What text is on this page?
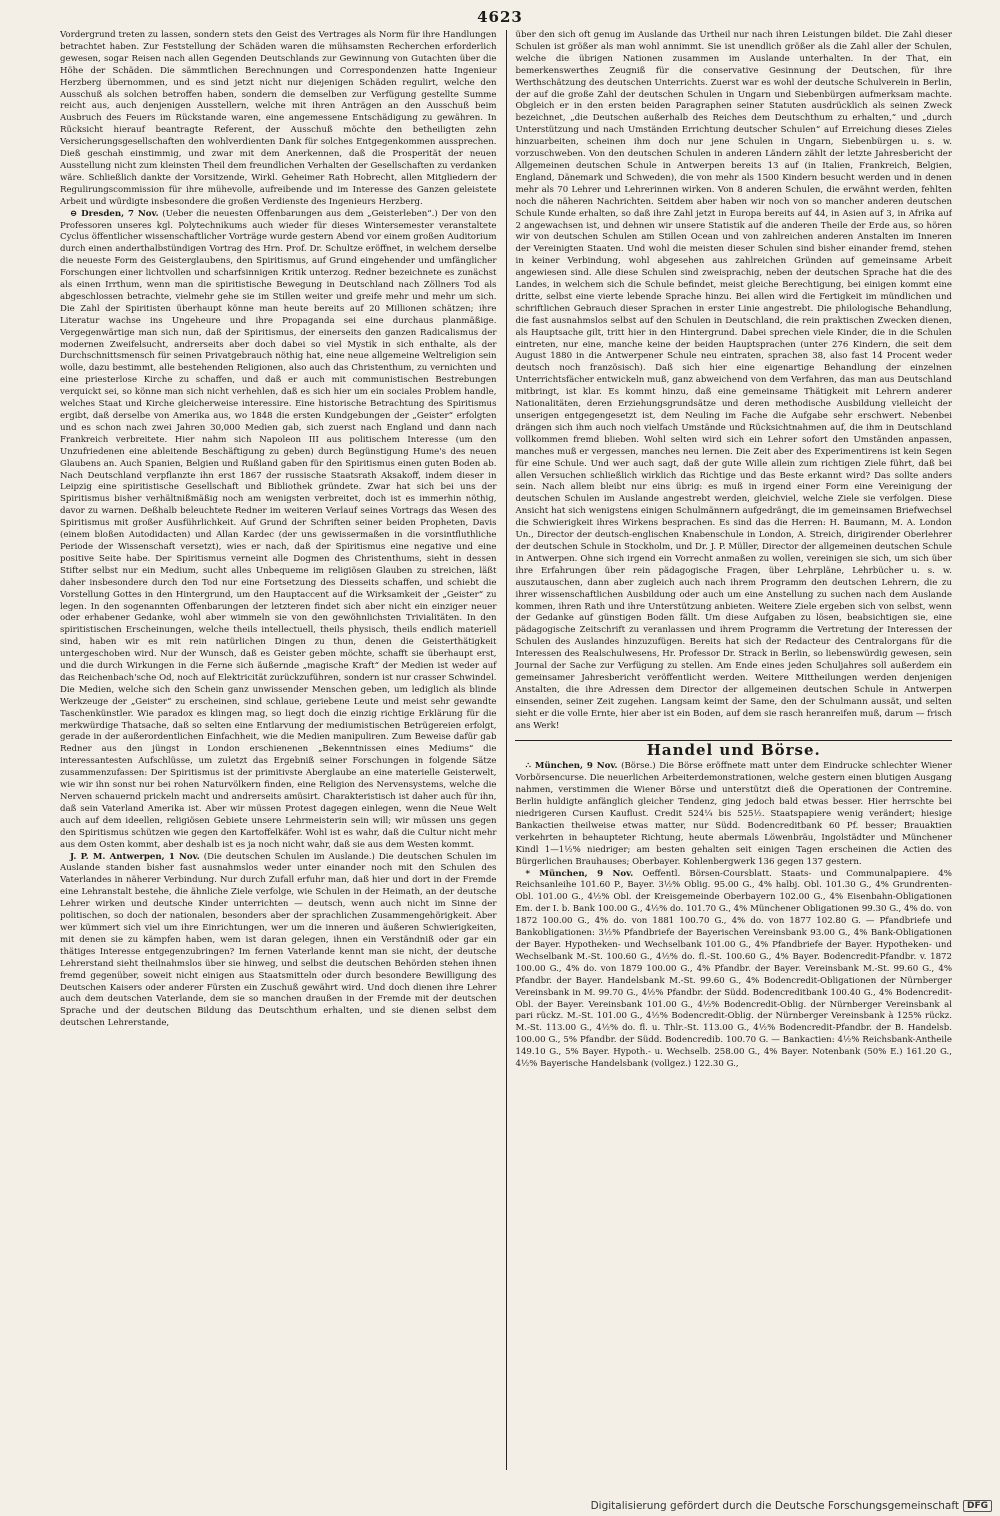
4623

Vordergrund treten zu lassen, sondern stets den Geist des Vertrages als Norm für ihre Handlungen betrachtet haben. Zur Feststellung der Schäden waren die mühsamsten Recherchen erforderlich gewesen, sogar Reisen nach allen Gegenden Deutschlands zur Gewinnung von Gutachten über die Höhe der Schäden. Die sämmtlichen Berechnungen und Correspondenzen hatte Ingenieur Herzberg übernommen, und es sind jetzt nicht nur diejenigen Schäden regulirt, welche den Ausschuß als solchen betroffen haben, sondern die demselben zur Verfügung gestellte Summe reicht aus, auch denjenigen Ausstellern, welche mit ihren Anträgen an den Ausschuß beim Ausbruch des Feuers im Rückstande waren, eine angemessene Entschädigung zu gewähren. In Rücksicht hierauf beantragte Referent, der Ausschuß möchte den betheiligten zehn Versicherungsgesellschaften den wohlverdienten Dank für solches Entgegenkommen aussprechen. Dieß geschah einstimmig, und zwar mit dem Anerkennen, daß die Prosperität der neuen Ausstellung nicht zum kleinsten Theil dem freundlichen Verhalten der Gesellschaften zu verdanken wäre. Schließlich dankte der Vorsitzende, Wirkl. Geheimer Rath Hobrecht, allen Mitgliedern der Regulirungscommission für ihre mühevolle, aufreibende und im Interesse des Ganzen geleistete Arbeit und würdigte insbesondere die großen Verdienste des Ingenieurs Herzberg.

⊖ Dresden, 7 Nov. (Ueber die neuesten Offenbarungen aus dem „Geisterleben“.) Der von den Professoren unseres kgl. Polytechnikums auch wieder für dieses Wintersemester veranstaltete Cyclus öffentlicher wissenschaftlicher Vorträge wurde gestern Abend vor einem großen Auditorium durch einen anderthalbstündigen Vortrag des Hrn. Prof. Dr. Schultze eröffnet, in welchem derselbe die neueste Form des Geisterglaubens, den Spiritismus, auf Grund eingehender und umfänglicher Forschungen einer lichtvollen und scharfsinnigen Kritik unterzog. Redner bezeichnete es zunächst als einen Irrthum, wenn man die spiritistische Bewegung in Deutschland nach Zöllners Tod als abgeschlossen betrachte, vielmehr gehe sie im Stillen weiter und greife mehr und mehr um sich. Die Zahl der Spiritisten überhaupt könne man heute bereits auf 20 Millionen schätzen; ihre Literatur wachse ins Ungeheure und ihre Propaganda sei eine durchaus planmäßige. Vergegenwärtige man sich nun, daß der Spiritismus, der einerseits den ganzen Radicalismus der modernen Zweifelsucht, andrerseits aber doch dabei so viel Mystik in sich enthalte, als der Durchschnittsmensch für seinen Privatgebrauch nöthig hat, eine neue allgemeine Weltreligion sein wolle, dazu bestimmt, alle bestehenden Religionen, also auch das Christenthum, zu vernichten und eine priesterlose Kirche zu schaffen, und daß er auch mit communistischen Bestrebungen verquickt sei, so könne man sich nicht verhehlen, daß es sich hier um ein sociales Problem handle, welches Staat und Kirche gleicherweise interessire. Eine historische Betrachtung des Spiritismus ergibt, daß derselbe von Amerika aus, wo 1848 die ersten Kundgebungen der „Geister“ erfolgten und es schon nach zwei Jahren 30,000 Medien gab, sich zuerst nach England und dann nach Frankreich verbreitete. Hier nahm sich Napoleon III aus politischem Interesse (um den Unzufriedenen eine ableitende Beschäftigung zu geben) durch Begünstigung Hume's des neuen Glaubens an. Auch Spanien, Belgien und Rußland gaben für den Spiritismus einen guten Boden ab. Nach Deutschland verpflanzte ihn erst 1867 der russische Staatsrath Aksakoff, indem dieser in Leipzig eine spiritistische Gesellschaft und Bibliothek gründete. Zwar hat sich bei uns der Spiritismus bisher verhältnißmäßig noch am wenigsten verbreitet, doch ist es immerhin nöthig, davor zu warnen. Deßhalb beleuchtete Redner im weiteren Verlauf seines Vortrags das Wesen des Spiritismus mit großer Ausführlichkeit. Auf Grund der Schriften seiner beiden Propheten, Davis (einem bloßen Autodidacten) und Allan Kardec (der uns gewissermaßen in die vorsintfluthliche Periode der Wissenschaft versetzt), wies er nach, daß der Spiritismus eine negative und eine positive Seite habe. Der Spiritismus verneint alle Dogmen des Christenthums, sieht in dessen Stifter selbst nur ein Medium, sucht alles Unbequeme im religiösen Glauben zu streichen, läßt daher insbesondere durch den Tod nur eine Fortsetzung des Diesseits schaffen, und schiebt die Vorstellung Gottes in den Hintergrund, um den Hauptaccent auf die Wirksamkeit der „Geister“ zu legen. In den sogenannten Offenbarungen der letzteren findet sich aber nicht ein einziger neuer oder erhabener Gedanke, wohl aber wimmeln sie von den gewöhnlichsten Trivialitäten. In den spiritistischen Erscheinungen, welche theils intellectuell, theils physisch, theils endlich materiell sind, haben wir es mit rein natürlichen Dingen zu thun, denen die Geisterthätigkeit untergeschoben wird. Nur der Wunsch, daß es Geister geben möchte, schafft sie überhaupt erst, und die durch Wirkungen in die Ferne sich äußernde „magische Kraft“ der Medien ist weder auf das Reichenbach'sche Od, noch auf Elektricität zurückzuführen, sondern ist nur crasser Schwindel. Die Medien, welche sich den Schein ganz unwissender Menschen geben, um lediglich als blinde Werkzeuge der „Geister“ zu erscheinen, sind schlaue, geriebene Leute und meist sehr gewandte Taschenkünstler. Wie paradox es klingen mag, so liegt doch die einzig richtige Erklärung für die merkwürdige Thatsache, daß so selten eine Entlarvung der mediumistischen Betrügereien erfolgt, gerade in der außerordentlichen Einfachheit, wie die Medien manipuliren. Zum Beweise dafür gab Redner aus den jüngst in London erschienenen „Bekenntnissen eines Mediums“ die interessantesten Aufschlüsse, um zuletzt das Ergebniß seiner Forschungen in folgende Sätze zusammenzufassen: Der Spiritismus ist der primitivste Aberglaube an eine materielle Geisterwelt, wie wir ihn sonst nur bei rohen Naturvölkern finden, eine Religion des Nervensystems, welche die Nerven schauernd prickeln macht und andrerseits amüsirt. Charakteristisch ist daher auch für ihn, daß sein Vaterland Amerika ist. Aber wir müssen Protest dagegen einlegen, wenn die Neue Welt auch auf dem ideellen, religiösen Gebiete unsere Lehrmeisterin sein will; wir müssen uns gegen den Spiritismus schützen wie gegen den Kartoffelkäfer. Wohl ist es wahr, daß die Cultur nicht mehr aus dem Osten kommt, aber deshalb ist es ja noch nicht wahr, daß sie aus dem Westen kommt.

J. P. M. Antwerpen, 1 Nov. (Die deutschen Schulen im Auslande.) Die deutschen Schulen im Auslande standen bisher fast ausnahmslos weder unter einander noch mit den Schulen des Vaterlandes in näherer Verbindung. Nur durch Zufall erfuhr man, daß hier und dort in der Fremde eine Lehranstalt bestehe, die ähnliche Ziele verfolge, wie Schulen in der Heimath, an der deutsche Lehrer wirken und deutsche Kinder unterrichten — deutsch, wenn auch nicht im Sinne der politischen, so doch der nationalen, besonders aber der sprachlichen Zusammengehörigkeit. Aber wer kümmert sich viel um ihre Einrichtungen, wer um die inneren und äußeren Schwierigkeiten, mit denen sie zu kämpfen haben, wem ist daran gelegen, ihnen ein Verständniß oder gar ein thätiges Interesse entgegenzubringen? Im fernen Vaterlande kennt man sie nicht, der deutsche Lehrerstand sieht theilnahmslos über sie hinweg, und selbst die deutschen Behörden stehen ihnen fremd gegenüber, soweit nicht einigen aus Staatsmitteln oder durch besondere Bewilligung des Deutschen Kaisers oder anderer Fürsten ein Zuschuß gewährt wird. Und doch dienen ihre Lehrer auch dem deutschen Vaterlande, dem sie so manchen draußen in der Fremde mit der deutschen Sprache und der deutschen Bildung das Deutschthum erhalten, und sie dienen selbst dem deutschen Lehrerstande,

über den sich oft genug im Auslande das Urtheil nur nach ihren Leistungen bildet. Die Zahl dieser Schulen ist größer als man wohl annimmt. Sie ist unendlich größer als die Zahl aller der Schulen, welche die übrigen Nationen zusammen im Auslande unterhalten. In der That, ein bemerkenswerthes Zeugniß für die conservative Gesinnung der Deutschen, für ihre Werthschätzung des deutschen Unterrichts. Zuerst war es wohl der deutsche Schulverein in Berlin, der auf die große Zahl der deutschen Schulen in Ungarn und Siebenbürgen aufmerksam machte. Obgleich er in den ersten beiden Paragraphen seiner Statuten ausdrücklich als seinen Zweck bezeichnet, „die Deutschen außerhalb des Reiches dem Deutschthum zu erhalten,“ und „durch Unterstützung und nach Umständen Errichtung deutscher Schulen“ auf Erreichung dieses Zieles hinzuarbeiten, scheinen ihm doch nur jene Schulen in Ungarn, Siebenbürgen u. s. w. vorzuschweben. Von den deutschen Schulen in anderen Ländern zählt der letzte Jahresbericht der Allgemeinen deutschen Schule in Antwerpen bereits 13 auf (in Italien, Frankreich, Belgien, England, Dänemark und Schweden), die von mehr als 1500 Kindern besucht werden und in denen mehr als 70 Lehrer und Lehrerinnen wirken. Von 8 anderen Schulen, die erwähnt werden, fehlten noch die näheren Nachrichten. Seitdem aber haben wir noch von so mancher anderen deutschen Schule Kunde erhalten, so daß ihre Zahl jetzt in Europa bereits auf 44, in Asien auf 3, in Afrika auf 2 angewachsen ist, und dehnen wir unsere Statistik auf die anderen Theile der Erde aus, so hören wir von deutschen Schulen am Stillen Ocean und von zahlreichen anderen Anstalten im Inneren der Vereinigten Staaten. Und wohl die meisten dieser Schulen sind bisher einander fremd, stehen in keiner Verbindung, wohl abgesehen aus zahlreichen Gründen auf gemeinsame Arbeit angewiesen sind. Alle diese Schulen sind zweisprachig, neben der deutschen Sprache hat die des Landes, in welchem sich die Schule befindet, meist gleiche Berechtigung, bei einigen kommt eine dritte, selbst eine vierte lebende Sprache hinzu. Bei allen wird die Fertigkeit im mündlichen und schriftlichen Gebrauch dieser Sprachen in erster Linie angestrebt. Die philologische Behandlung, die fast ausnahmslos selbst auf den Schulen in Deutschland, die rein praktischen Zwecken dienen, als Hauptsache gilt, tritt hier in den Hintergrund. Dabei sprechen viele Kinder, die in die Schulen eintreten, nur eine, manche keine der beiden Hauptsprachen (unter 276 Kindern, die seit dem August 1880 in die Antwerpener Schule neu eintraten, sprachen 38, also fast 14 Procent weder deutsch noch französisch). Daß sich hier eine eigenartige Behandlung der einzelnen Unterrichtsfächer entwickeln muß, ganz abweichend von dem Verfahren, das man aus Deutschland mitbringt, ist klar. Es kommt hinzu, daß eine gemeinsame Thätigkeit mit Lehrern anderer Nationalitäten, deren Erziehungsgrundsätze und deren methodische Ausbildung vielleicht der unserigen entgegengesetzt ist, dem Neuling im Fache die Aufgabe sehr erschwert. Nebenbei drängen sich ihm auch noch vielfach Umstände und Rücksichtnahmen auf, die ihm in Deutschland vollkommen fremd blieben. Wohl selten wird sich ein Lehrer sofort den Umständen anpassen, manches muß er vergessen, manches neu lernen. Die Zeit aber des Experimentirens ist kein Segen für eine Schule. Und wer auch sagt, daß der gute Wille allein zum richtigen Ziele führt, daß bei allen Versuchen schließlich wirklich das Richtige und das Beste erkannt wird? Das sollte anders sein. Nach allem bleibt nur eins übrig: es muß in irgend einer Form eine Vereinigung der deutschen Schulen im Auslande angestrebt werden, gleichviel, welche Ziele sie verfolgen. Diese Ansicht hat sich wenigstens einigen Schulmännern aufgedrängt, die im gemeinsamen Briefwechsel die Schwierigkeit ihres Wirkens besprachen. Es sind das die Herren: H. Baumann, M. A. London Un., Director der deutsch-englischen Knabenschule in London, A. Streich, dirigirender Oberlehrer der deutschen Schule in Stockholm, und Dr. J. P. Müller, Director der allgemeinen deutschen Schule in Antwerpen. Ohne sich irgend ein Vorrecht anmaßen zu wollen, vereinigen sie sich, um sich über ihre Erfahrungen über rein pädagogische Fragen, über Lehrpläne, Lehrbücher u. s. w. auszutauschen, dann aber zugleich auch nach ihrem Programm den deutschen Lehrern, die zu ihrer wissenschaftlichen Ausbildung oder auch um eine Anstellung zu suchen nach dem Auslande kommen, ihren Rath und ihre Unterstützung anbieten. Weitere Ziele ergeben sich von selbst, wenn der Gedanke auf günstigen Boden fällt. Um diese Aufgaben zu lösen, beabsichtigen sie, eine pädagogische Zeitschrift zu veranlassen und ihrem Programm die Vertretung der Interessen der Schulen des Auslandes hinzuzufügen. Bereits hat sich der Redacteur des Centralorgans für die Interessen des Realschulwesens, Hr. Professor Dr. Strack in Berlin, so liebenswürdig gewesen, sein Journal der Sache zur Verfügung zu stellen. Am Ende eines jeden Schuljahres soll außerdem ein gemeinsamer Jahresbericht veröffentlicht werden. Weitere Mittheilungen werden denjenigen Anstalten, die ihre Adressen dem Director der allgemeinen deutschen Schule in Antwerpen einsenden, seiner Zeit zugehen. Langsam keimt der Same, den der Schulmann aussät, und selten sieht er die volle Ernte, hier aber ist ein Boden, auf dem sie rasch heranreifen muß, darum — frisch ans Werk!

Handel und Börse.

∴ München, 9 Nov. (Börse.) Die Börse eröffnete matt unter dem Eindrucke schlechter Wiener Vorbörsencurse. Die neuerlichen Arbeiterdemonstrationen, welche gestern einen blutigen Ausgang nahmen, verstimmen die Wiener Börse und unterstützt dieß die Operationen der Contremine. Berlin huldigte anfänglich gleicher Tendenz, ging jedoch bald etwas besser. Hier herrschte bei niedrigeren Cursen Kauflust. Credit 524¼ bis 525½. Staatspapiere wenig verändert; hiesige Bankactien theilweise etwas matter, nur Südd. Bodencreditbank 60 Pf. besser; Brauaktien verkehrten in behaupteter Richtung, heute abermals Löwenbräu, Ingolstädter und Münchener Kindl 1—1½% niedriger; am besten gehalten seit einigen Tagen erscheinen die Actien des Bürgerlichen Brauhauses; Oberbayer. Kohlenbergwerk 136 gegen 137 gestern.

* München, 9 Nov. Oeffentl. Börsen-Coursblatt. Staats- und Communalpapiere. 4% Reichsanleihe 101.60 P., Bayer. 3½% Oblig. 95.00 G., 4% halbj. Obl. 101.30 G., 4% Grundrenten-Obl. 101.00 G., 4½% Obl. der Kreisgemeinde Oberbayern 102.00 G., 4% Eisenbahn-Obligationen Em. der I. b. Bank 100.00 G., 4½% do. 101.70 G., 4% Münchener Obligationen 99.30 G., 4% do. von 1872 100.00 G., 4% do. von 1881 100.70 G., 4% do. von 1877 102.80 G. — Pfandbriefe und Bankobligationen: 3½% Pfandbriefe der Bayerischen Vereinsbank 93.00 G., 4% Bank-Obligationen der Bayer. Hypotheken- und Wechselbank 101.00 G., 4% Pfandbriefe der Bayer. Hypotheken- und Wechselbank M.-St. 100.60 G., 4½% do. fl.-St. 100.60 G., 4% Bayer. Bodencredit-Pfandbr. v. 1872 100.00 G., 4% do. von 1879 100.00 G., 4% Pfandbr. der Bayer. Vereinsbank M.-St. 99.60 G., 4% Pfandbr. der Bayer. Handelsbank M.-St. 99.60 G., 4% Bodencredit-Obligationen der Nürnberger Vereinsbank in M. 99.70 G., 4½% Pfandbr. der Südd. Bodencreditbank 100.40 G., 4% Bodencredit-Obl. der Bayer. Vereinsbank 101.00 G., 4½% Bodencredit-Oblig. der Nürnberger Vereinsbank al pari rückz. M.-St. 101.00 G., 4½% Bodencredit-Oblig. der Nürnberger Vereinsbank à 125% rückz. M.-St. 113.00 G., 4½% do. fl. u. Thlr.-St. 113.00 G., 4½% Bodencredit-Pfandbr. der B. Handelsb. 100.00 G., 5% Pfandbr. der Südd. Bodencredib. 100.70 G. — Bankactien: 4½% Reichsbank-Antheile 149.10 G., 5% Bayer. Hypoth.- u. Wechselb. 258.00 G., 4% Bayer. Notenbank (50% E.) 161.20 G., 4½% Bayerische Handelsbank (vollgez.) 122.30 G.,

Digitalisierung gefördert durch die Deutsche Forschungsgemeinschaft DFG
